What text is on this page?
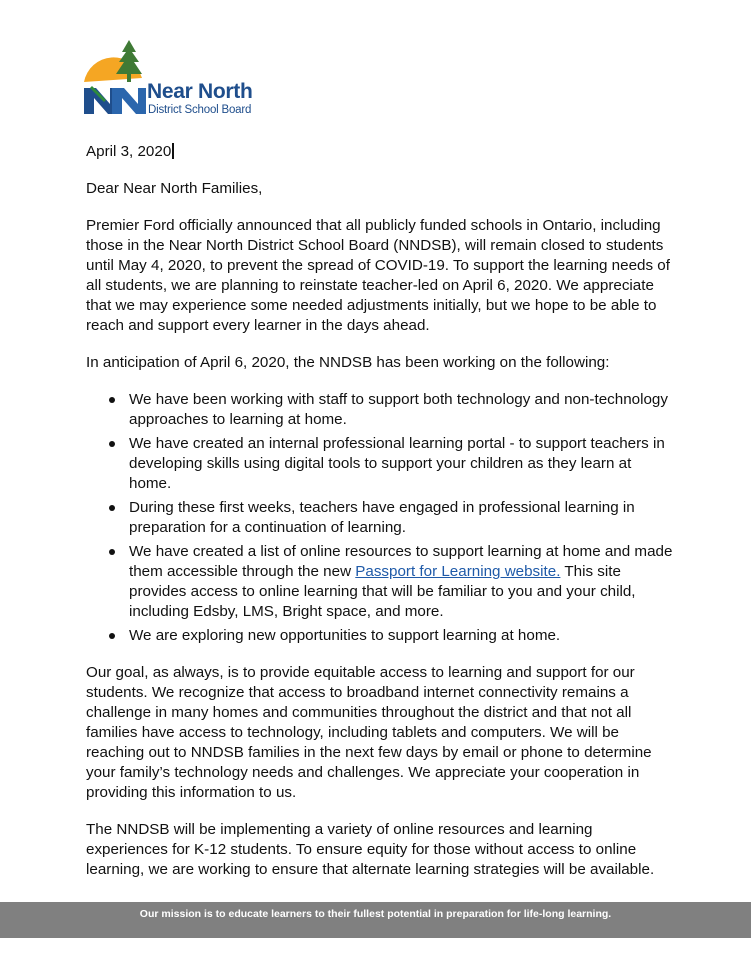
Near North
District School Board

April 3, 2020

Dear Near North Families,

Premier Ford officially announced that all publicly funded schools in Ontario, including those in the Near North District School Board (NNDSB), will remain closed to students until May 4, 2020, to prevent the spread of COVID-19. To support the learning needs of all students, we are planning to reinstate teacher-led on April 6, 2020. We appreciate that we may experience some needed adjustments initially, but we hope to be able to reach and support every learner in the days ahead.

In anticipation of April 6, 2020, the NNDSB has been working on the following:

We have been working with staff to support both technology and non-technology approaches to learning at home.
We have created an internal professional learning portal - to support teachers in developing skills using digital tools to support your children as they learn at home.
During these first weeks, teachers have engaged in professional learning in preparation for a continuation of learning.
We have created a list of online resources to support learning at home and made them accessible through the new Passport for Learning website. This site provides access to online learning that will be familiar to you and your child, including Edsby, LMS, Bright space, and more.
We are exploring new opportunities to support learning at home.

Our goal, as always, is to provide equitable access to learning and support for our students. We recognize that access to broadband internet connectivity remains a challenge in many homes and communities throughout the district and that not all families have access to technology, including tablets and computers. We will be reaching out to NNDSB families in the next few days by email or phone to determine your family’s technology needs and challenges. We appreciate your cooperation in providing this information to us.

The NNDSB will be implementing a variety of online resources and learning experiences for K-12 students. To ensure equity for those without access to online learning, we are working to ensure that alternate learning strategies will be available.

Our mission is to educate learners to their fullest potential in preparation for life-long learning.
